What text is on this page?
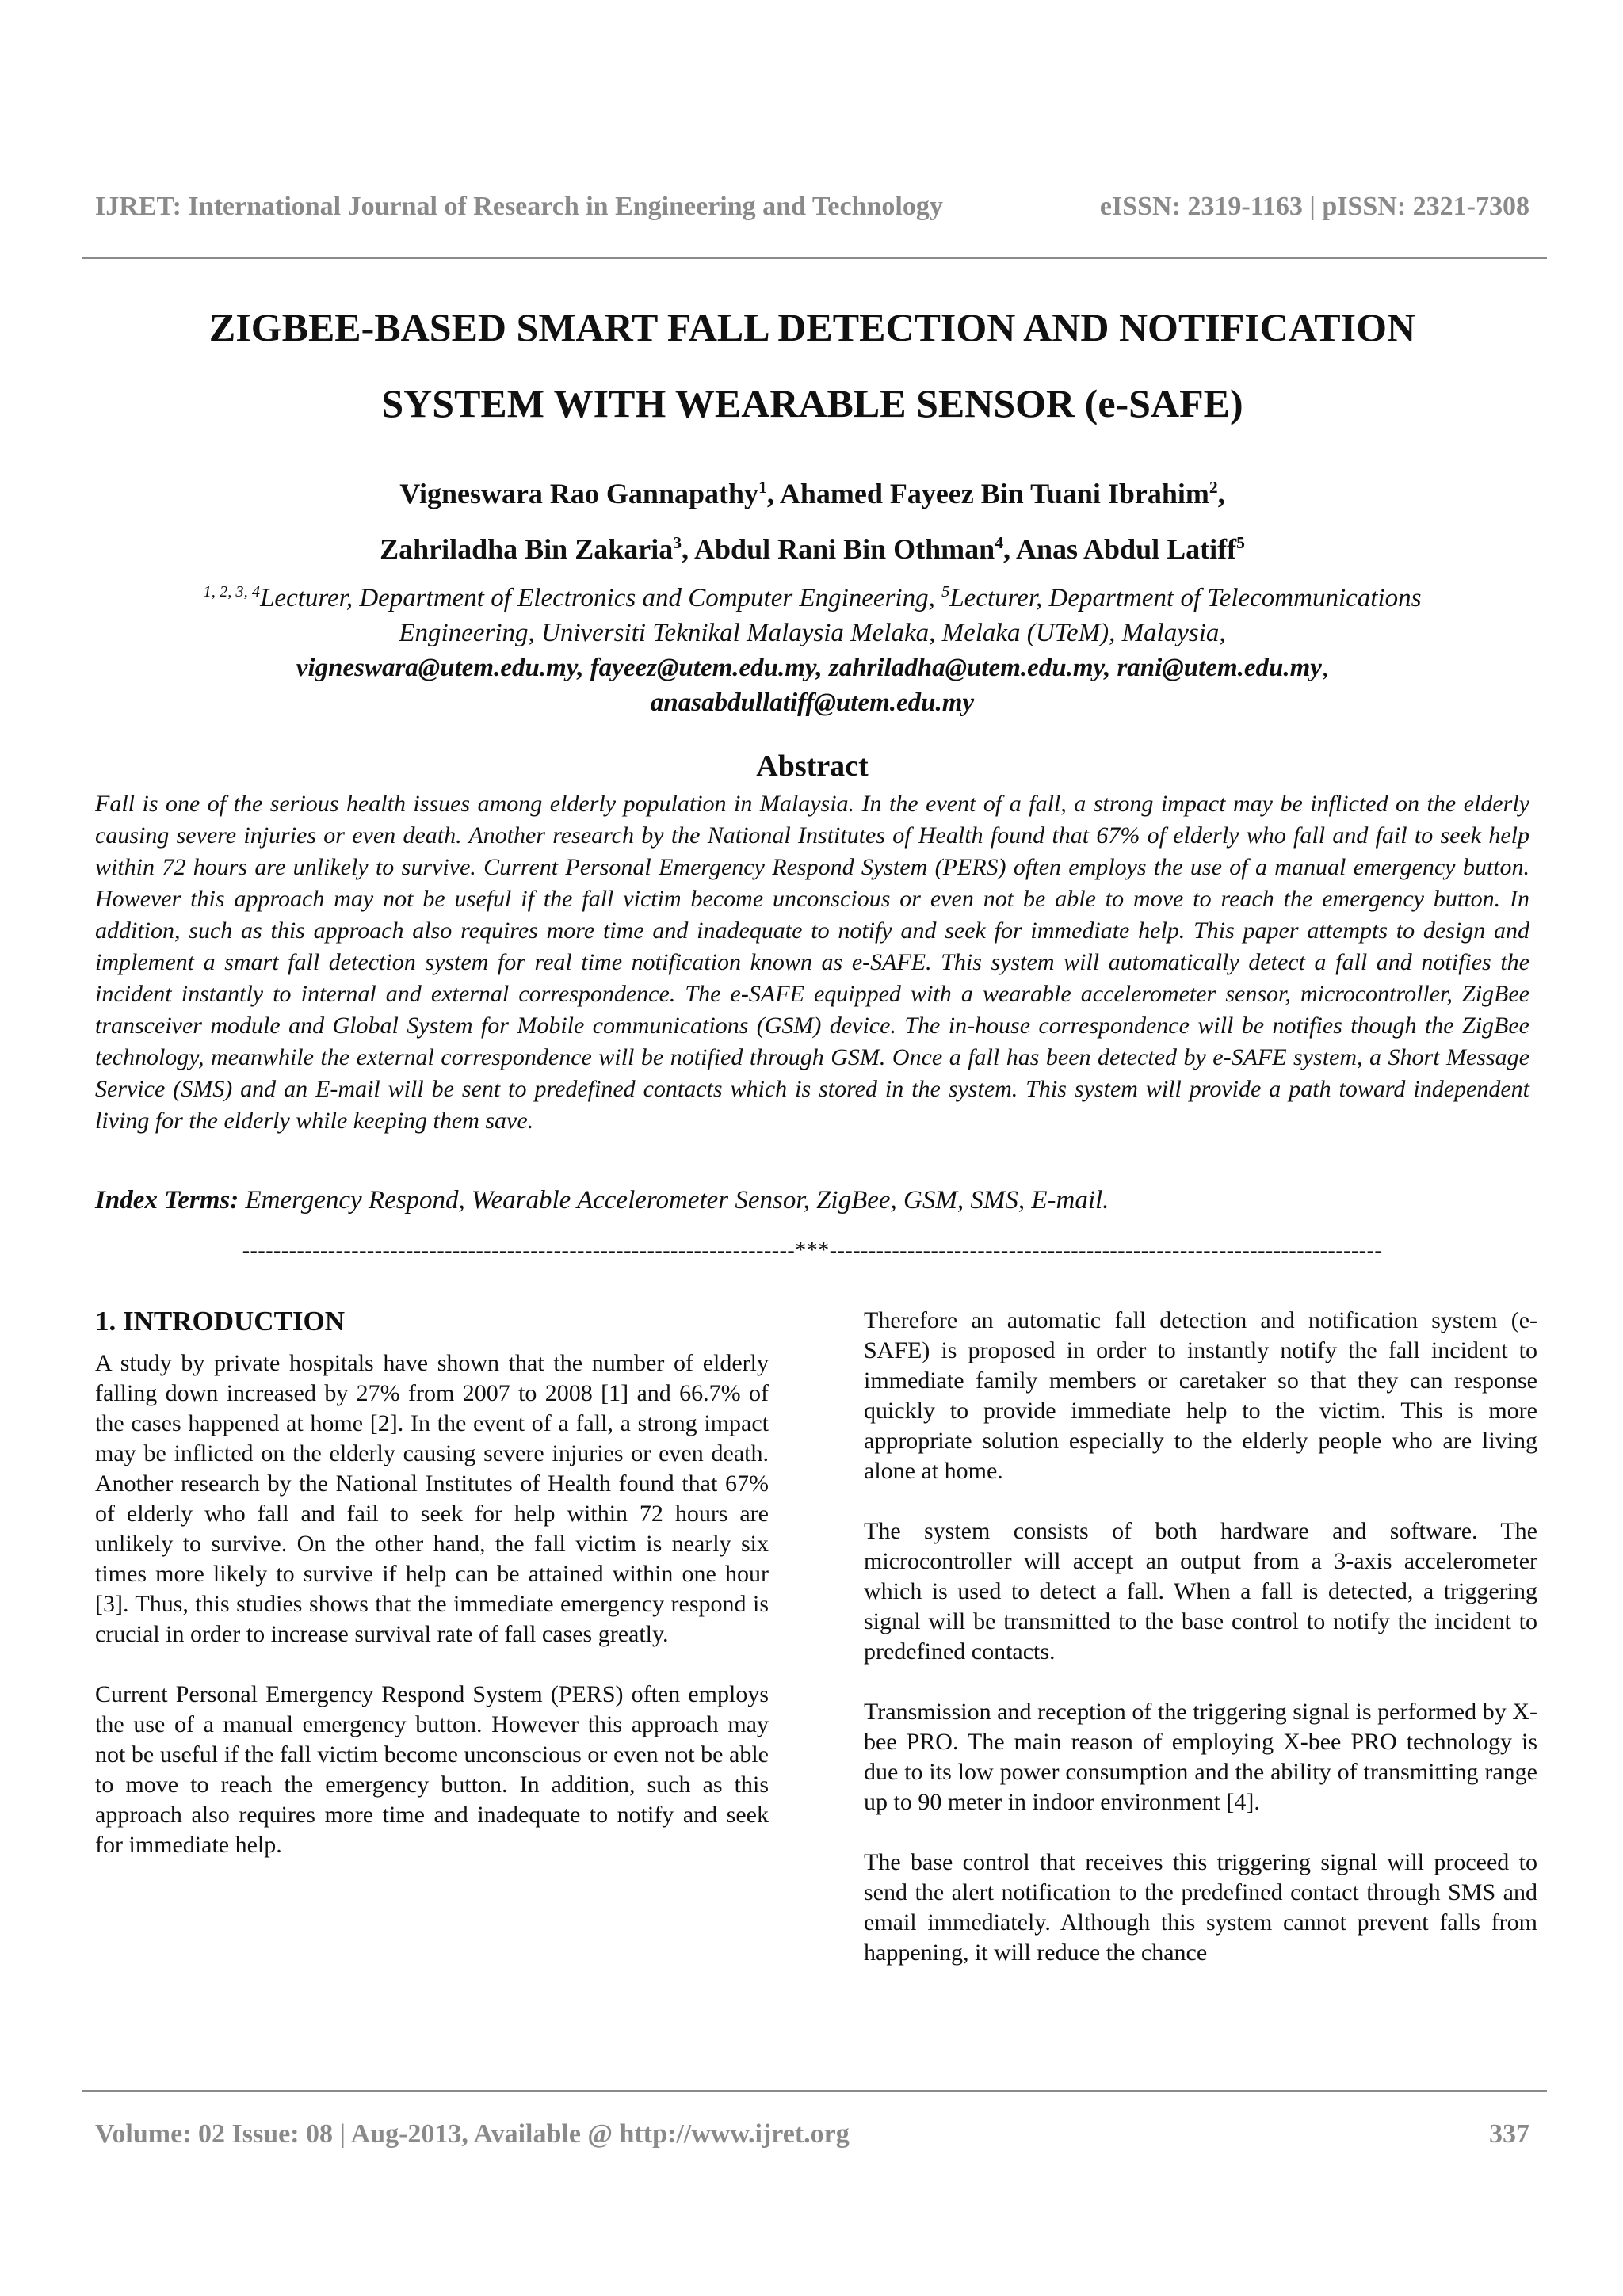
IJRET: International Journal of Research in Engineering and Technology	eISSN: 2319-1163 | pISSN: 2321-7308
ZIGBEE-BASED SMART FALL DETECTION AND NOTIFICATION
SYSTEM WITH WEARABLE SENSOR (e-SAFE)
Vigneswara Rao Gannapathy$^1$, Ahamed Fayeez Bin Tuani Ibrahim$^2$,
Zahriladha Bin Zakaria$^3$, Abdul Rani Bin Othman$^4$, Anas Abdul Latiff$^5$
$^{1, 2, 3, 4}$Lecturer, Department of Electronics and Computer Engineering, $^5$Lecturer, Department of Telecommunications
Engineering, Universiti Teknikal Malaysia Melaka, Melaka (UTeM), Malaysia,
vigneswara@utem.edu.my, fayeez@utem.edu.my, zahriladha@utem.edu.my, rani@utem.edu.my,
anasabdullatiff@utem.edu.my
Abstract
Fall is one of the serious health issues among elderly population in Malaysia. In the event of a fall, a strong impact may be inflicted on the elderly causing severe injuries or even death. Another research by the National Institutes of Health found that 67% of elderly who fall and fail to seek help within 72 hours are unlikely to survive. Current Personal Emergency Respond System (PERS) often employs the use of a manual emergency button. However this approach may not be useful if the fall victim become unconscious or even not be able to move to reach the emergency button. In addition, such as this approach also requires more time and inadequate to notify and seek for immediate help. This paper attempts to design and implement a smart fall detection system for real time notification known as e-SAFE. This system will automatically detect a fall and notifies the incident instantly to internal and external correspondence. The e-SAFE equipped with a wearable accelerometer sensor, microcontroller, ZigBee transceiver module and Global System for Mobile communications (GSM) device. The in-house correspondence will be notifies though the ZigBee technology, meanwhile the external correspondence will be notified through GSM. Once a fall has been detected by e-SAFE system, a Short Message Service (SMS) and an E-mail will be sent to predefined contacts which is stored in the system. This system will provide a path toward independent living for the elderly while keeping them save.
Index Terms: Emergency Respond, Wearable Accelerometer Sensor, ZigBee, GSM, SMS, E-mail.
-----------------------------------------------------------------------***-----------------------------------------------------------------------
1. INTRODUCTION

A study by private hospitals have shown that the number of elderly falling down increased by 27% from 2007 to 2008 [1] and 66.7% of the cases happened at home [2]. In the event of a fall, a strong impact may be inflicted on the elderly causing severe injuries or even death. Another research by the National Institutes of Health found that 67% of elderly who fall and fail to seek for help within 72 hours are unlikely to survive. On the other hand, the fall victim is nearly six times more likely to survive if help can be attained within one hour [3]. Thus, this studies shows that the immediate emergency respond is crucial in order to increase survival rate of fall cases greatly.

Current Personal Emergency Respond System (PERS) often employs the use of a manual emergency button. However this approach may not be useful if the fall victim become unconscious or even not be able to move to reach the emergency button. In addition, such as this approach also requires more time and inadequate to notify and seek for immediate help.

Therefore an automatic fall detection and notification system (e-SAFE) is proposed in order to instantly notify the fall incident to immediate family members or caretaker so that they can response quickly to provide immediate help to the victim. This is more appropriate solution especially to the elderly people who are living alone at home.

The system consists of both hardware and software. The microcontroller will accept an output from a 3-axis accelerometer which is used to detect a fall. When a fall is detected, a triggering signal will be transmitted to the base control to notify the incident to predefined contacts.

Transmission and reception of the triggering signal is performed by X-bee PRO. The main reason of employing X-bee PRO technology is due to its low power consumption and the ability of transmitting range up to 90 meter in indoor environment [4].

The base control that receives this triggering signal will proceed to send the alert notification to the predefined contact through SMS and email immediately. Although this system cannot prevent falls from happening, it will reduce the chance

Volume: 02 Issue: 08 | Aug-2013, Available @ http://www.ijret.org	337
